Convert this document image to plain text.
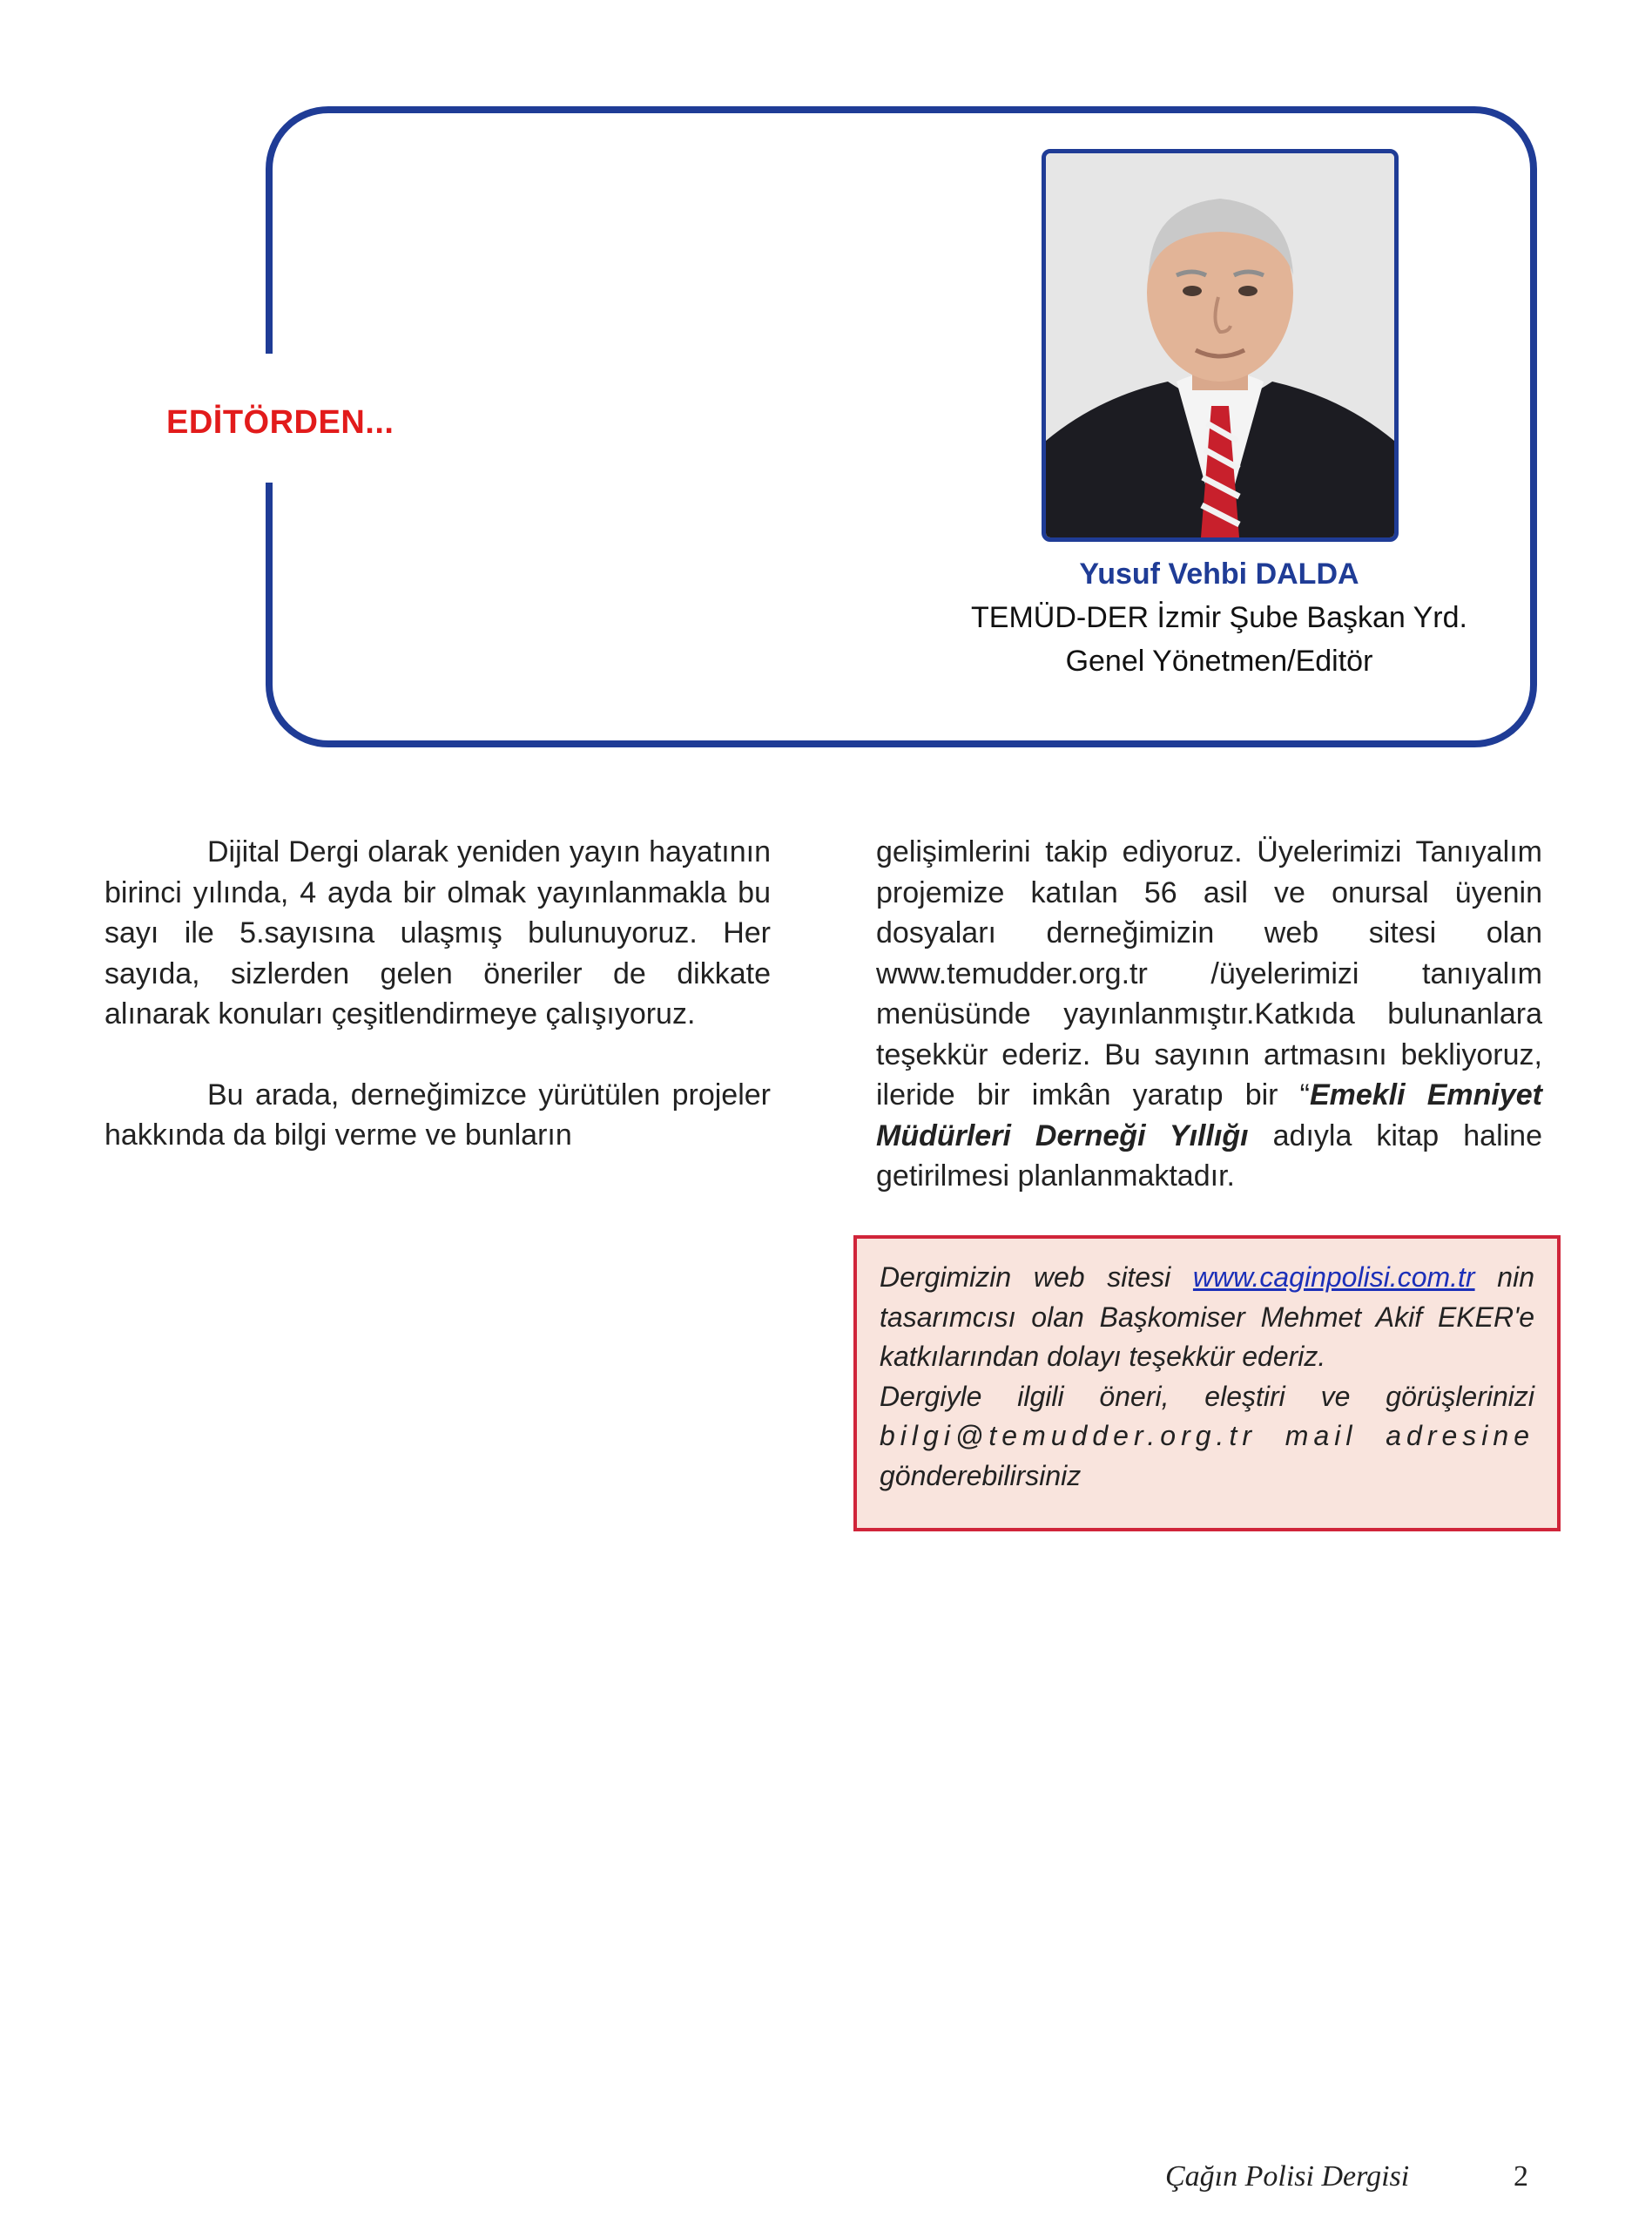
EDİTÖRDEN...
Yusuf Vehbi DALDA
TEMÜD-DER İzmir Şube Başkan Yrd.
Genel Yönetmen/Editör

Dijital Dergi olarak yeniden yayın hayatının birinci yılında, 4 ayda bir olmak yayınlanmakla bu sayı ile 5.sayısına ulaşmış bulunuyoruz. Her sayıda, sizlerden gelen öneriler de dikkate alınarak konuları çeşitlendirmeye çalışıyoruz.

Bu arada, derneğimizce yürütülen projeler hakkında da bilgi verme ve bunların

gelişimlerini takip ediyoruz. Üyelerimizi Tanıyalım projemize katılan 56 asil ve onursal üyenin dosyaları derneğimizin web sitesi olan www.temudder.org.tr /üyelerimizi tanıyalım menüsünde yayınlanmıştır.Katkıda bulunanlara teşekkür ederiz. Bu sayının artmasını bekliyoruz, ileride bir imkân yaratıp bir “Emekli Emniyet Müdürleri Derneği Yıllığı adıyla kitap haline getirilmesi planlanmaktadır.

Dergimizin web sitesi www.caginpolisi.com.tr nin tasarımcısı olan Başkomiser Mehmet Akif EKER'e katkılarından dolayı teşekkür ederiz.

Dergiyle ilgili öneri, eleştiri ve görüşlerinizi bilgi@temudder.org.tr mail adresine gönderebilirsiniz

Çağın Polisi Dergisi	2
